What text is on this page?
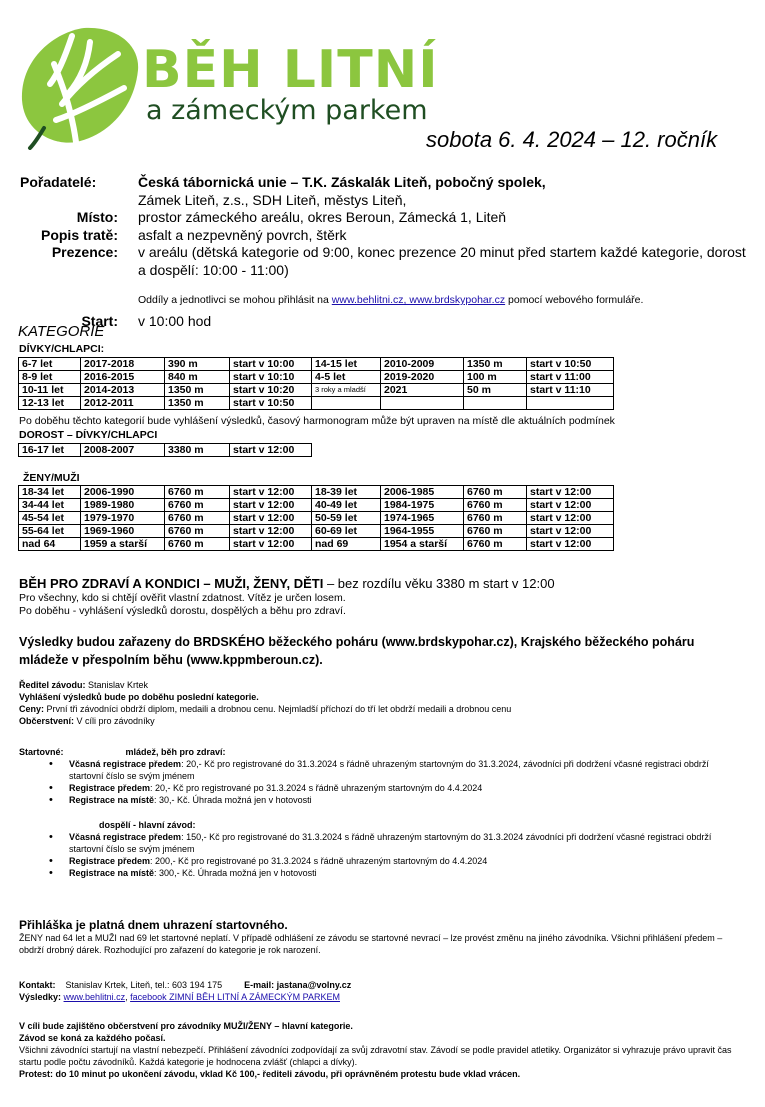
BĚH LITNÍ
a zámeckým parkem
sobota 6. 4. 2024 – 12. ročník
Pořadatelé:	Česká tábornická unie – T.K. Záskalák Liteň, pobočný spolek,
Zámek Liteň, z.s., SDH Liteň, městys Liteň,
Místo: prostor zámeckého areálu, okres Beroun, Zámecká 1, Liteň
Popis tratě: asfalt a nezpevněný povrch, štěrk
Prezence: v areálu (dětská kategorie od 9:00, konec prezence 20 minut před startem každé kategorie, dorost a dospělí: 10:00 - 11:00)
Oddíly a jednotlivci se mohou přihlásit na www.behlitni.cz, www.brdskypohar.cz pomocí webového formuláře.
Start: v 10:00 hod
KATEGORIE
DÍVKY/CHLAPCI:
6-7 let	2017-2018	390 m	start v 10:00	14-15 let	2010-2009	1350 m	start v 10:50
8-9 let	2016-2015	840 m	start v 10:10	4-5 let	2019-2020	100 m	start v 11:00
10-11 let	2014-2013	1350 m	start v 10:20	3 roky a mladší	2021	50 m	start v 11:10
12-13 let	2012-2011	1350 m	start v 10:50				
Po doběhu těchto kategorií bude vyhlášení výsledků, časový harmonogram může být upraven na místě dle aktuálních podmínek
DOROST – DÍVKY/CHLAPCI
16-17 let	2008-2007	3380 m	start v 12:00
ŽENY/MUŽI
18-34 let	2006-1990	6760 m	start v 12:00	18-39 let	2006-1985	6760 m	start v 12:00
34-44 let	1989-1980	6760 m	start v 12:00	40-49 let	1984-1975	6760 m	start v 12:00
45-54 let	1979-1970	6760 m	start v 12:00	50-59 let	1974-1965	6760 m	start v 12:00
55-64 let	1969-1960	6760 m	start v 12:00	60-69 let	1964-1955	6760 m	start v 12:00
nad 64	1959 a starší	6760 m	start v 12:00	nad 69	1954 a starší	6760 m	start v 12:00
BĚH PRO ZDRAVÍ A KONDICI – MUŽI, ŽENY, DĚTI – bez rozdílu věku 3380 m start v 12:00
Pro všechny, kdo si chtějí ověřit vlastní zdatnost. Vítěz je určen losem.
Po doběhu - vyhlášení výsledků dorostu, dospělých a běhu pro zdraví.
Výsledky budou zařazeny do BRDSKÉHO běžeckého poháru (www.brdskypohar.cz), Krajského běžeckého poháru mládeže v přespolním běhu (www.kppmberoun.cz).
Ředitel závodu: Stanislav Krtek
Vyhlášení výsledků bude po doběhu poslední kategorie.
Ceny: První tři závodníci obdrží diplom, medaili a drobnou cenu. Nejmladší příchozí do tří let obdrží medaili a drobnou cenu
Občerstvení: V cíli pro závodníky
Startovné:	mládež, běh pro zdraví:
• Včasná registrace předem: 20,- Kč pro registrované do 31.3.2024 s řádně uhrazeným startovným do 31.3.2024, závodníci při dodržení včasné registraci obdrží startovní číslo se svým jménem
• Registrace předem: 20,- Kč pro registrované po 31.3.2024 s řádně uhrazeným startovným do 4.4.2024
• Registrace na místě: 30,- Kč. Úhrada možná jen v hotovosti
dospělí - hlavní závod:
• Včasná registrace předem: 150,- Kč pro registrované do 31.3.2024 s řádně uhrazeným startovným do 31.3.2024 závodníci při dodržení včasné registraci obdrží startovní číslo se svým jménem
• Registrace předem: 200,- Kč pro registrované po 31.3.2024 s řádně uhrazeným startovným do 4.4.2024
• Registrace na místě: 300,- Kč. Úhrada možná jen v hotovosti
Přihláška je platná dnem uhrazení startovného.
ŽENY nad 64 let a MUŽI nad 69 let startovné neplatí. V případě odhlášení ze závodu se startovné nevrací – lze provést změnu na jiného závodníka. Všichni přihlášení předem – obdrží drobný dárek. Rozhodující pro zařazení do kategorie je rok narození.
Kontakt: Stanislav Krtek, Liteň, tel.: 603 194 175 E-mail: jastana@volny.cz
Výsledky: www.behlitni.cz, facebook ZIMNÍ BĚH LITNÍ A ZÁMECKÝM PARKEM
V cíli bude zajištěno občerstvení pro závodníky MUŽI/ŽENY – hlavní kategorie.
Závod se koná za každého počasí.
Všichni závodníci startují na vlastní nebezpečí. Přihlášení závodníci zodpovídají za svůj zdravotní stav. Závodí se podle pravidel atletiky. Organizátor si vyhrazuje právo upravit čas startu podle počtu závodníků. Každá kategorie je hodnocena zvlášť (chlapci a dívky).
Protest: do 10 minut po ukončení závodu, vklad Kč 100,- řediteli závodu, při oprávněném protestu bude vklad vrácen.
